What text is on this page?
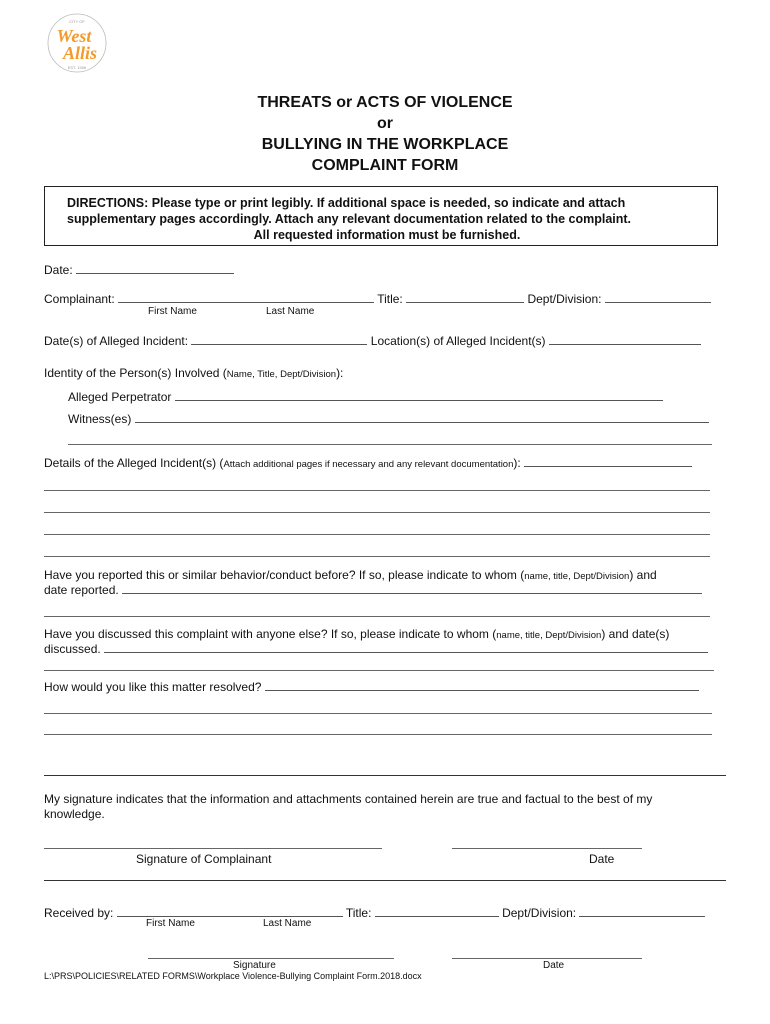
CITY OF
West
Allis
EST. 1906
THREATS or ACTS OF VIOLENCE
or
BULLYING IN THE WORKPLACE
COMPLAINT FORM
DIRECTIONS: Please type or print legibly. If additional space is needed, so indicate and attach
supplementary pages accordingly. Attach any relevant documentation related to the complaint.
All requested information must be furnished.
Date:
Complainant:	Title:	Dept/Division:
First Name	Last Name
Date(s) of Alleged Incident:	Location(s) of Alleged Incident(s)
Identity of the Person(s) Involved (Name, Title, Dept/Division):
Alleged Perpetrator
Witness(es)
Details of the Alleged Incident(s) (Attach additional pages if necessary and any relevant documentation):
Have you reported this or similar behavior/conduct before? If so, please indicate to whom (name, title, Dept/Division) and
date reported.
Have you discussed this complaint with anyone else? If so, please indicate to whom (name, title, Dept/Division) and date(s)
discussed.
How would you like this matter resolved?
My signature indicates that the information and attachments contained herein are true and factual to the best of my
knowledge.
Signature of Complainant	Date
Received by:	Title:	Dept/Division:
First Name	Last Name
Signature	Date
L:\PRS\POLICIES\RELATED FORMS\Workplace Violence-Bullying Complaint Form.2018.docx
